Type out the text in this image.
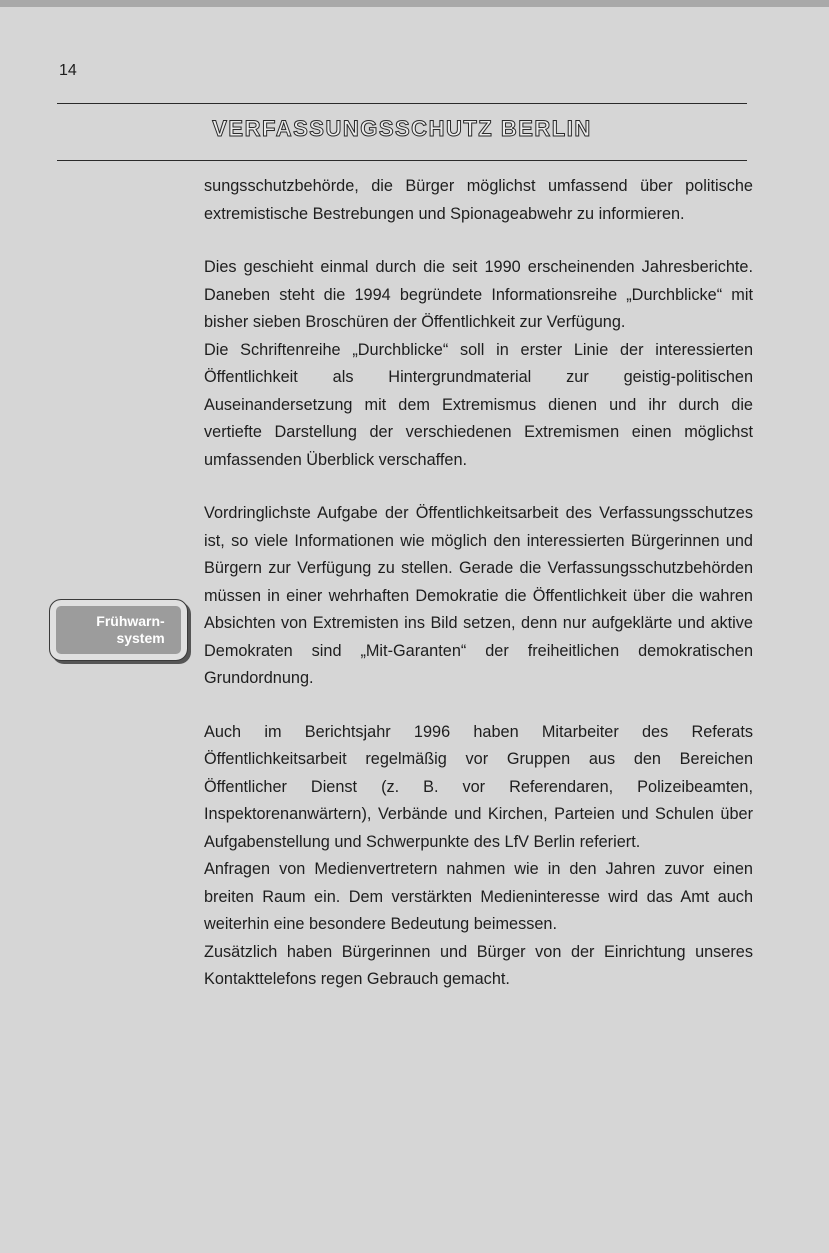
14
VERFASSUNGSSCHUTZ BERLIN
Frühwarn-
system

sungsschutzbehörde, die Bürger möglichst umfassend über politische extremistische Bestrebungen und Spionageabwehr zu informieren.

Dies geschieht einmal durch die seit 1990 erscheinenden Jahresberichte. Daneben steht die 1994 begründete Informationsreihe „Durchblicke“ mit bisher sieben Broschüren der Öffentlichkeit zur Verfügung.

Die Schriftenreihe „Durchblicke“ soll in erster Linie der interessierten Öffentlichkeit als Hintergrundmaterial zur geistig-politischen Auseinandersetzung mit dem Extremismus dienen und ihr durch die vertiefte Darstellung der verschiedenen Extremismen einen möglichst umfassenden Überblick verschaffen.

Vordringlichste Aufgabe der Öffentlichkeitsarbeit des Verfassungsschutzes ist, so viele Informationen wie möglich den interessierten Bürgerinnen und Bürgern zur Verfügung zu stellen. Gerade die Verfassungsschutzbehörden müssen in einer wehrhaften Demokratie die Öffentlichkeit über die wahren Absichten von Extremisten ins Bild setzen, denn nur aufgeklärte und aktive Demokraten sind „Mit-Garanten“ der freiheitlichen demokratischen Grundordnung.

Auch im Berichtsjahr 1996 haben Mitarbeiter des Referats Öffentlichkeitsarbeit regelmäßig vor Gruppen aus den Bereichen Öffentlicher Dienst (z. B. vor Referendaren, Polizeibeamten, Inspektorenanwärtern), Verbände und Kirchen, Parteien und Schulen über Aufgabenstellung und Schwerpunkte des LfV Berlin referiert.

Anfragen von Medienvertretern nahmen wie in den Jahren zuvor einen breiten Raum ein. Dem verstärkten Medieninteresse wird das Amt auch weiterhin eine besondere Bedeutung beimessen.

Zusätzlich haben Bürgerinnen und Bürger von der Einrichtung unseres Kontakttelefons regen Gebrauch gemacht.
